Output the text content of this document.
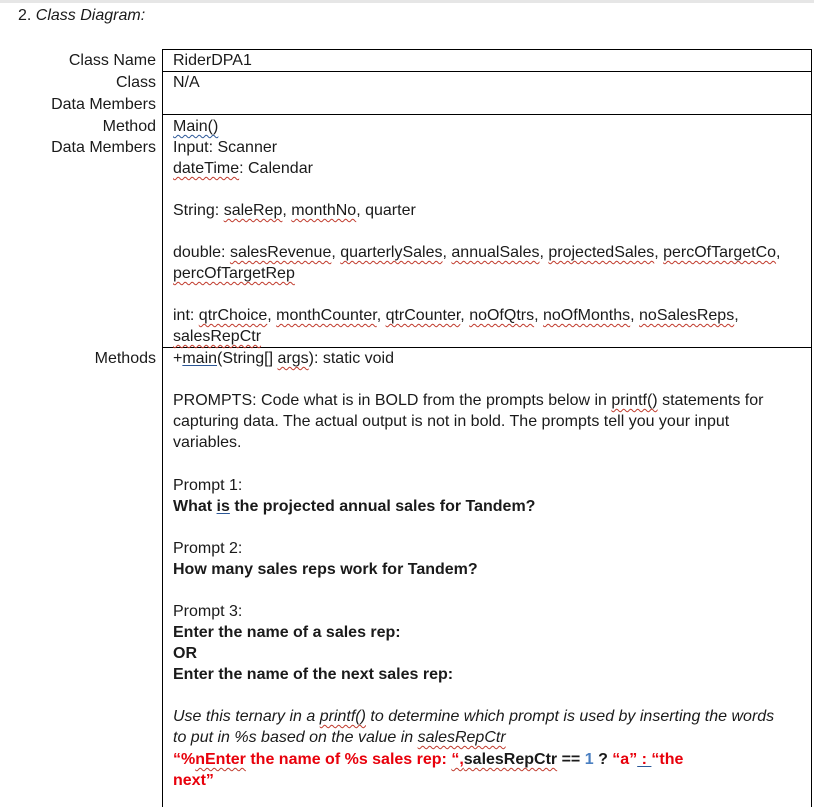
2. Class Diagram:
Class Name
Class
Data Members
Method
Data Members
Methods
RiderDPA1
N/A
Main()
Input: Scanner
dateTime: Calendar
String: saleRep, monthNo, quarter
double: salesRevenue, quarterlySales, annualSales, projectedSales, percOfTargetCo, percOfTargetRep
int: qtrChoice, monthCounter, qtrCounter, noOfQtrs, noOfMonths, noSalesReps, salesRepCtr
+main(String[] args): static void
PROMPTS: Code what is in BOLD from the prompts below in printf() statements for capturing data. The actual output is not in bold. The prompts tell you your input variables.
Prompt 1:
What is the projected annual sales for Tandem?
Prompt 2:
How many sales reps work for Tandem?
Prompt 3:
Enter the name of a sales rep:
OR
Enter the name of the next sales rep:
Use this ternary in a printf() to determine which prompt is used by inserting the words to put in %s based on the value in salesRepCtr
“%nEnter the name of %s sales rep: “,salesRepCtr == 1 ? “a” : “the
next”
